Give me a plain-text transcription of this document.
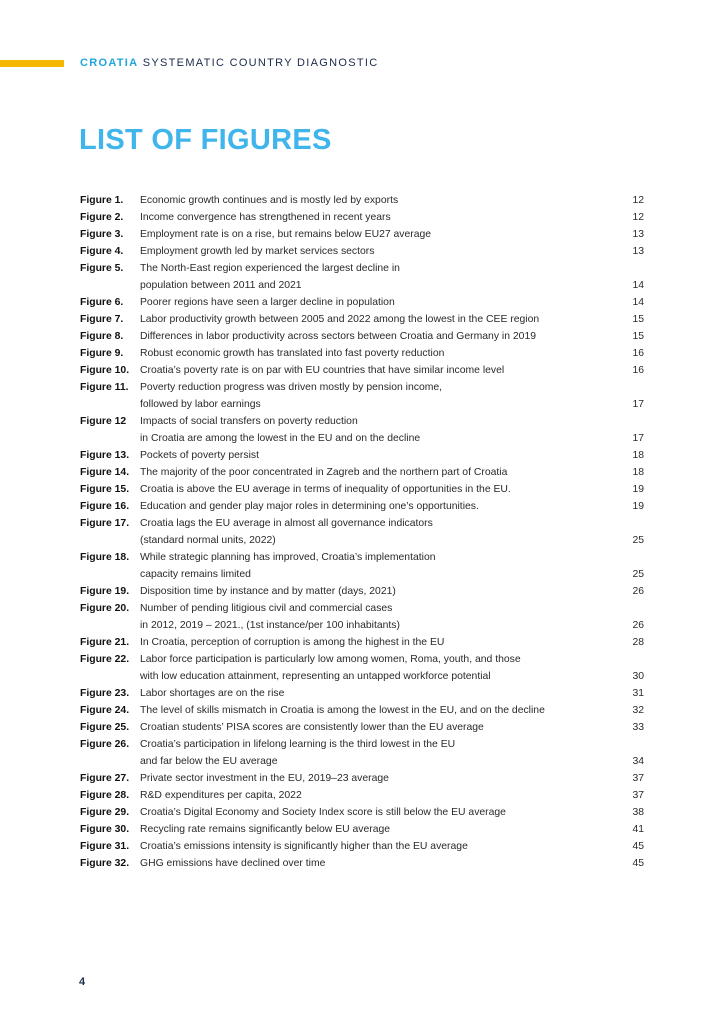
CROATIA SYSTEMATIC COUNTRY DIAGNOSTIC
LIST OF FIGURES
Figure 1.	Economic growth continues and is mostly led by exports	12
Figure 2.	Income convergence has strengthened in recent years	12
Figure 3.	Employment rate is on a rise, but remains below EU27 average	13
Figure 4.	Employment growth led by market services sectors	13
Figure 5.	The North-East region experienced the largest decline in
population between 2011 and 2021	14
Figure 6.	Poorer regions have seen a larger decline in population	14
Figure 7.	Labor productivity growth between 2005 and 2022 among the lowest in the CEE region	15
Figure 8.	Differences in labor productivity across sectors between Croatia and Germany in 2019	15
Figure 9.	Robust economic growth has translated into fast poverty reduction	16
Figure 10.	Croatia’s poverty rate is on par with EU countries that have similar income level	16
Figure 11.	Poverty reduction progress was driven mostly by pension income,
followed by labor earnings	17
Figure 12	Impacts of social transfers on poverty reduction
in Croatia are among the lowest in the EU and on the decline	17
Figure 13.	Pockets of poverty persist	18
Figure 14.	The majority of the poor concentrated in Zagreb and the northern part of Croatia	18
Figure 15.	Croatia is above the EU average in terms of inequality of opportunities in the EU.	19
Figure 16.	Education and gender play major roles in determining one’s opportunities.	19
Figure 17.	Croatia lags the EU average in almost all governance indicators
(standard normal units, 2022)	25
Figure 18.	While strategic planning has improved, Croatia’s implementation
capacity remains limited	25
Figure 19.	Disposition time by instance and by matter (days, 2021)	26
Figure 20.	Number of pending litigious civil and commercial cases
in 2012, 2019 – 2021., (1st instance/per 100 inhabitants)	26
Figure 21.	In Croatia, perception of corruption is among the highest in the EU	28
Figure 22.	Labor force participation is particularly low among women, Roma, youth, and those
with low education attainment, representing an untapped workforce potential	30
Figure 23.	Labor shortages are on the rise	31
Figure 24.	The level of skills mismatch in Croatia is among the lowest in the EU, and on the decline	32
Figure 25.	Croatian students’ PISA scores are consistently lower than the EU average	33
Figure 26.	Croatia’s participation in lifelong learning is the third lowest in the EU
and far below the EU average	34
Figure 27.	Private sector investment in the EU, 2019–23 average	37
Figure 28.	R&D expenditures per capita, 2022	37
Figure 29.	Croatia’s Digital Economy and Society Index score is still below the EU average	38
Figure 30.	Recycling rate remains significantly below EU average	41
Figure 31.	Croatia’s emissions intensity is significantly higher than the EU average	45
Figure 32.	GHG emissions have declined over time	45
4
